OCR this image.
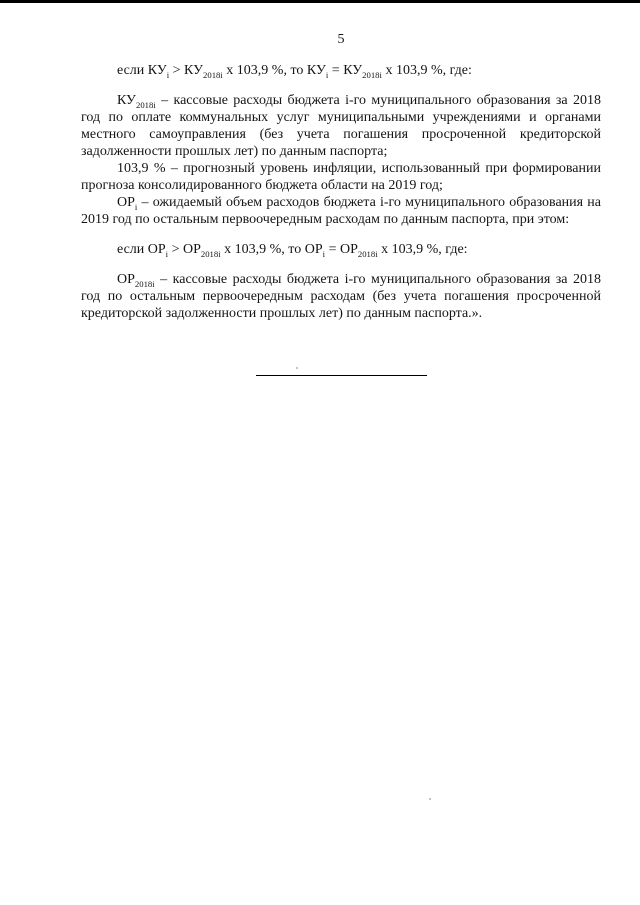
5

если $КУ_i > КУ_{2018i}$ х 103,9 %, то $КУ_i = КУ_{2018i}$ х 103,9 %, где:

$КУ_{2018i}$ – кассовые расходы бюджета i-го муниципального образования за 2018 год по оплате коммунальных услуг муниципальными учреждениями и органами местного самоуправления (без учета погашения просроченной кредиторской задолженности прошлых лет) по данным паспорта;

103,9 % – прогнозный уровень инфляции, использованный при формировании прогноза консолидированного бюджета области на 2019 год;

$ОР_i$ – ожидаемый объем расходов бюджета i-го муниципального образования на 2019 год по остальным первоочередным расходам по данным паспорта, при этом:

если $ОР_i > ОР_{2018i}$ х 103,9 %, то $ОР_i = ОР_{2018i}$ х 103,9 %, где:

$ОР_{2018i}$ – кассовые расходы бюджета i-го муниципального образования за 2018 год по остальным первоочередным расходам (без учета погашения просроченной кредиторской задолженности прошлых лет) по данным паспорта.».
